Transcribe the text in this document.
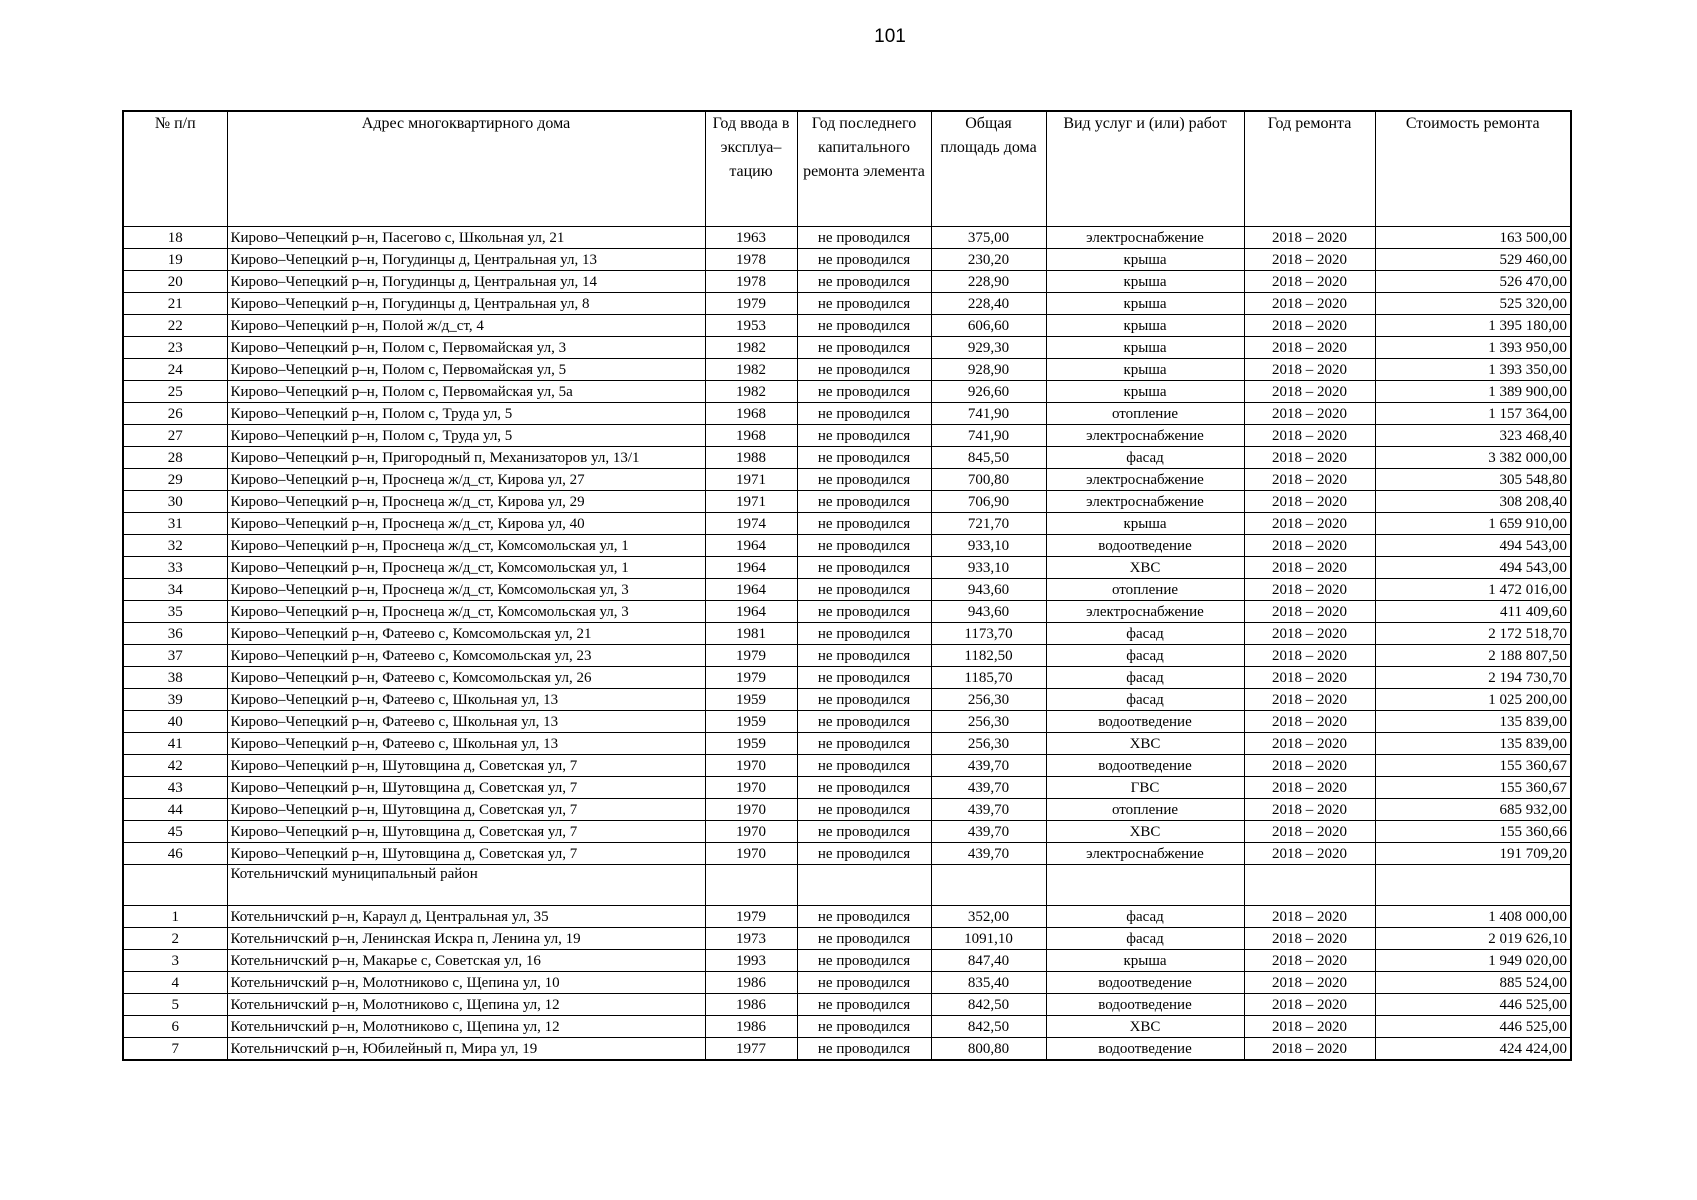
101
№ п/п	Адрес многоквартирного дома	Год ввода в эксплуа– тацию	Год последнего капитального ремонта элемента	Общая площадь дома	Вид услуг и (или) работ	Год ремонта	Стоимость ремонта
18	Кирово–Чепецкий р–н, Пасегово с, Школьная ул, 21	1963	не проводился	375,00	электроснабжение	2018 – 2020	163 500,00
19	Кирово–Чепецкий р–н, Погудинцы д, Центральная ул, 13	1978	не проводился	230,20	крыша	2018 – 2020	529 460,00
20	Кирово–Чепецкий р–н, Погудинцы д, Центральная ул, 14	1978	не проводился	228,90	крыша	2018 – 2020	526 470,00
21	Кирово–Чепецкий р–н, Погудинцы д, Центральная ул, 8	1979	не проводился	228,40	крыша	2018 – 2020	525 320,00
22	Кирово–Чепецкий р–н, Полой ж/д_ст, 4	1953	не проводился	606,60	крыша	2018 – 2020	1 395 180,00
23	Кирово–Чепецкий р–н, Полом с, Первомайская ул, 3	1982	не проводился	929,30	крыша	2018 – 2020	1 393 950,00
24	Кирово–Чепецкий р–н, Полом с, Первомайская ул, 5	1982	не проводился	928,90	крыша	2018 – 2020	1 393 350,00
25	Кирово–Чепецкий р–н, Полом с, Первомайская ул, 5а	1982	не проводился	926,60	крыша	2018 – 2020	1 389 900,00
26	Кирово–Чепецкий р–н, Полом с, Труда ул, 5	1968	не проводился	741,90	отопление	2018 – 2020	1 157 364,00
27	Кирово–Чепецкий р–н, Полом с, Труда ул, 5	1968	не проводился	741,90	электроснабжение	2018 – 2020	323 468,40
28	Кирово–Чепецкий р–н, Пригородный п, Механизаторов ул, 13/1	1988	не проводился	845,50	фасад	2018 – 2020	3 382 000,00
29	Кирово–Чепецкий р–н, Проснеца ж/д_ст, Кирова ул, 27	1971	не проводился	700,80	электроснабжение	2018 – 2020	305 548,80
30	Кирово–Чепецкий р–н, Проснеца ж/д_ст, Кирова ул, 29	1971	не проводился	706,90	электроснабжение	2018 – 2020	308 208,40
31	Кирово–Чепецкий р–н, Проснеца ж/д_ст, Кирова ул, 40	1974	не проводился	721,70	крыша	2018 – 2020	1 659 910,00
32	Кирово–Чепецкий р–н, Проснеца ж/д_ст, Комсомольская ул, 1	1964	не проводился	933,10	водоотведение	2018 – 2020	494 543,00
33	Кирово–Чепецкий р–н, Проснеца ж/д_ст, Комсомольская ул, 1	1964	не проводился	933,10	ХВС	2018 – 2020	494 543,00
34	Кирово–Чепецкий р–н, Проснеца ж/д_ст, Комсомольская ул, 3	1964	не проводился	943,60	отопление	2018 – 2020	1 472 016,00
35	Кирово–Чепецкий р–н, Проснеца ж/д_ст, Комсомольская ул, 3	1964	не проводился	943,60	электроснабжение	2018 – 2020	411 409,60
36	Кирово–Чепецкий р–н, Фатеево с, Комсомольская ул, 21	1981	не проводился	1173,70	фасад	2018 – 2020	2 172 518,70
37	Кирово–Чепецкий р–н, Фатеево с, Комсомольская ул, 23	1979	не проводился	1182,50	фасад	2018 – 2020	2 188 807,50
38	Кирово–Чепецкий р–н, Фатеево с, Комсомольская ул, 26	1979	не проводился	1185,70	фасад	2018 – 2020	2 194 730,70
39	Кирово–Чепецкий р–н, Фатеево с, Школьная ул, 13	1959	не проводился	256,30	фасад	2018 – 2020	1 025 200,00
40	Кирово–Чепецкий р–н, Фатеево с, Школьная ул, 13	1959	не проводился	256,30	водоотведение	2018 – 2020	135 839,00
41	Кирово–Чепецкий р–н, Фатеево с, Школьная ул, 13	1959	не проводился	256,30	ХВС	2018 – 2020	135 839,00
42	Кирово–Чепецкий р–н, Шутовщина д, Советская ул, 7	1970	не проводился	439,70	водоотведение	2018 – 2020	155 360,67
43	Кирово–Чепецкий р–н, Шутовщина д, Советская ул, 7	1970	не проводился	439,70	ГВС	2018 – 2020	155 360,67
44	Кирово–Чепецкий р–н, Шутовщина д, Советская ул, 7	1970	не проводился	439,70	отопление	2018 – 2020	685 932,00
45	Кирово–Чепецкий р–н, Шутовщина д, Советская ул, 7	1970	не проводился	439,70	ХВС	2018 – 2020	155 360,66
46	Кирово–Чепецкий р–н, Шутовщина д, Советская ул, 7	1970	не проводился	439,70	электроснабжение	2018 – 2020	191 709,20
	Котельничский муниципальный район						
1	Котельничский р–н, Караул д, Центральная ул, 35	1979	не проводился	352,00	фасад	2018 – 2020	1 408 000,00
2	Котельничский р–н, Ленинская Искра п, Ленина ул, 19	1973	не проводился	1091,10	фасад	2018 – 2020	2 019 626,10
3	Котельничский р–н, Макарье с, Советская ул, 16	1993	не проводился	847,40	крыша	2018 – 2020	1 949 020,00
4	Котельничский р–н, Молотниково с, Щепина ул, 10	1986	не проводился	835,40	водоотведение	2018 – 2020	885 524,00
5	Котельничский р–н, Молотниково с, Щепина ул, 12	1986	не проводился	842,50	водоотведение	2018 – 2020	446 525,00
6	Котельничский р–н, Молотниково с, Щепина ул, 12	1986	не проводился	842,50	ХВС	2018 – 2020	446 525,00
7	Котельничский р–н, Юбилейный п, Мира ул, 19	1977	не проводился	800,80	водоотведение	2018 – 2020	424 424,00
